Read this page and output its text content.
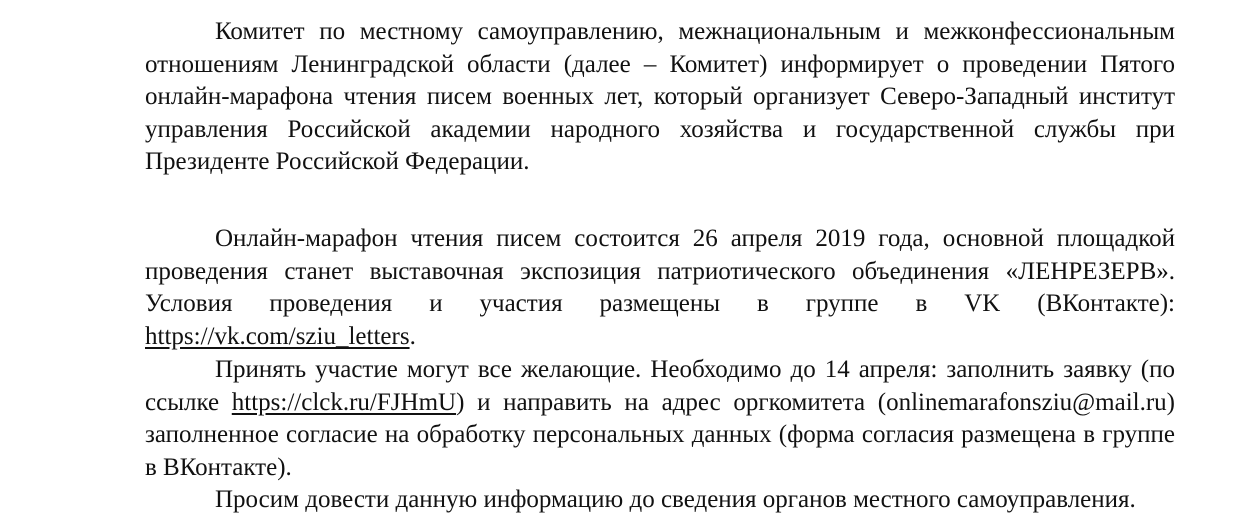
Комитет по местному самоуправлению, межнациональным и межконфессиональным отношениям Ленинградской области (далее – Комитет) информирует о проведении Пятого онлайн-марафона чтения писем военных лет, который организует Северо-Западный институт управления Российской академии народного хозяйства и государственной службы при Президенте Российской Федерации.

Онлайн-марафон чтения писем состоится 26 апреля 2019 года, основной площадкой проведения станет выставочная экспозиция патриотического объединения «ЛЕНРЕЗЕРВ». Условия проведения и участия размещены в группе в VK (ВКонтакте): https://vk.com/sziu_letters.

Принять участие могут все желающие. Необходимо до 14 апреля: заполнить заявку (по ссылке https://clck.ru/FJHmU) и направить на адрес оргкомитета (onlinemarafonsziu@mail.ru) заполненное согласие на обработку персональных данных (форма согласия размещена в группе в ВКонтакте).

Просим довести данную информацию до сведения органов местного самоуправления.
